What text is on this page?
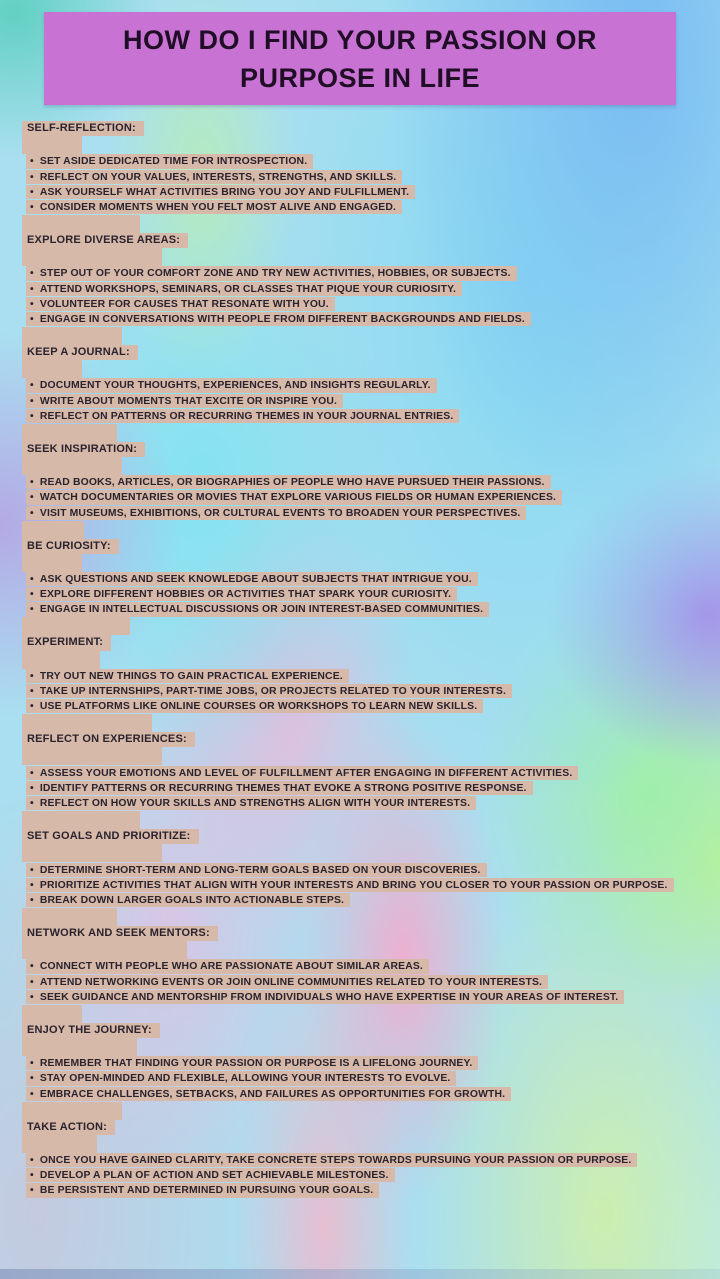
HOW DO I FIND YOUR PASSION OR PURPOSE IN LIFE
SELF-REFLECTION:
•  SET ASIDE DEDICATED TIME FOR INTROSPECTION.
•  REFLECT ON YOUR VALUES, INTERESTS, STRENGTHS, AND SKILLS.
•  ASK YOURSELF WHAT ACTIVITIES BRING YOU JOY AND FULFILLMENT.
•  CONSIDER MOMENTS WHEN YOU FELT MOST ALIVE AND ENGAGED.
EXPLORE DIVERSE AREAS:
•  STEP OUT OF YOUR COMFORT ZONE AND TRY NEW ACTIVITIES, HOBBIES, OR SUBJECTS.
•  ATTEND WORKSHOPS, SEMINARS, OR CLASSES THAT PIQUE YOUR CURIOSITY.
•  VOLUNTEER FOR CAUSES THAT RESONATE WITH YOU.
•  ENGAGE IN CONVERSATIONS WITH PEOPLE FROM DIFFERENT BACKGROUNDS AND FIELDS.
KEEP A JOURNAL:
•  DOCUMENT YOUR THOUGHTS, EXPERIENCES, AND INSIGHTS REGULARLY.
•  WRITE ABOUT MOMENTS THAT EXCITE OR INSPIRE YOU.
•  REFLECT ON PATTERNS OR RECURRING THEMES IN YOUR JOURNAL ENTRIES.
SEEK INSPIRATION:
•  READ BOOKS, ARTICLES, OR BIOGRAPHIES OF PEOPLE WHO HAVE PURSUED THEIR PASSIONS.
•  WATCH DOCUMENTARIES OR MOVIES THAT EXPLORE VARIOUS FIELDS OR HUMAN EXPERIENCES.
•  VISIT MUSEUMS, EXHIBITIONS, OR CULTURAL EVENTS TO BROADEN YOUR PERSPECTIVES.
BE CURIOSITY:
•  ASK QUESTIONS AND SEEK KNOWLEDGE ABOUT SUBJECTS THAT INTRIGUE YOU.
•  EXPLORE DIFFERENT HOBBIES OR ACTIVITIES THAT SPARK YOUR CURIOSITY.
•  ENGAGE IN INTELLECTUAL DISCUSSIONS OR JOIN INTEREST-BASED COMMUNITIES.
EXPERIMENT:
•  TRY OUT NEW THINGS TO GAIN PRACTICAL EXPERIENCE.
•  TAKE UP INTERNSHIPS, PART-TIME JOBS, OR PROJECTS RELATED TO YOUR INTERESTS.
•  USE PLATFORMS LIKE ONLINE COURSES OR WORKSHOPS TO LEARN NEW SKILLS.
REFLECT ON EXPERIENCES:
•  ASSESS YOUR EMOTIONS AND LEVEL OF FULFILLMENT AFTER ENGAGING IN DIFFERENT ACTIVITIES.
•  IDENTIFY PATTERNS OR RECURRING THEMES THAT EVOKE A STRONG POSITIVE RESPONSE.
•  REFLECT ON HOW YOUR SKILLS AND STRENGTHS ALIGN WITH YOUR INTERESTS.
SET GOALS AND PRIORITIZE:
•  DETERMINE SHORT-TERM AND LONG-TERM GOALS BASED ON YOUR DISCOVERIES.
•  PRIORITIZE ACTIVITIES THAT ALIGN WITH YOUR INTERESTS AND BRING YOU CLOSER TO YOUR PASSION OR PURPOSE.
•  BREAK DOWN LARGER GOALS INTO ACTIONABLE STEPS.
NETWORK AND SEEK MENTORS:
•  CONNECT WITH PEOPLE WHO ARE PASSIONATE ABOUT SIMILAR AREAS.
•  ATTEND NETWORKING EVENTS OR JOIN ONLINE COMMUNITIES RELATED TO YOUR INTERESTS.
•  SEEK GUIDANCE AND MENTORSHIP FROM INDIVIDUALS WHO HAVE EXPERTISE IN YOUR AREAS OF INTEREST.
ENJOY THE JOURNEY:
•  REMEMBER THAT FINDING YOUR PASSION OR PURPOSE IS A LIFELONG JOURNEY.
•  STAY OPEN-MINDED AND FLEXIBLE, ALLOWING YOUR INTERESTS TO EVOLVE.
•  EMBRACE CHALLENGES, SETBACKS, AND FAILURES AS OPPORTUNITIES FOR GROWTH.
TAKE ACTION:
•  ONCE YOU HAVE GAINED CLARITY, TAKE CONCRETE STEPS TOWARDS PURSUING YOUR PASSION OR PURPOSE.
•  DEVELOP A PLAN OF ACTION AND SET ACHIEVABLE MILESTONES.
•  BE PERSISTENT AND DETERMINED IN PURSUING YOUR GOALS.
